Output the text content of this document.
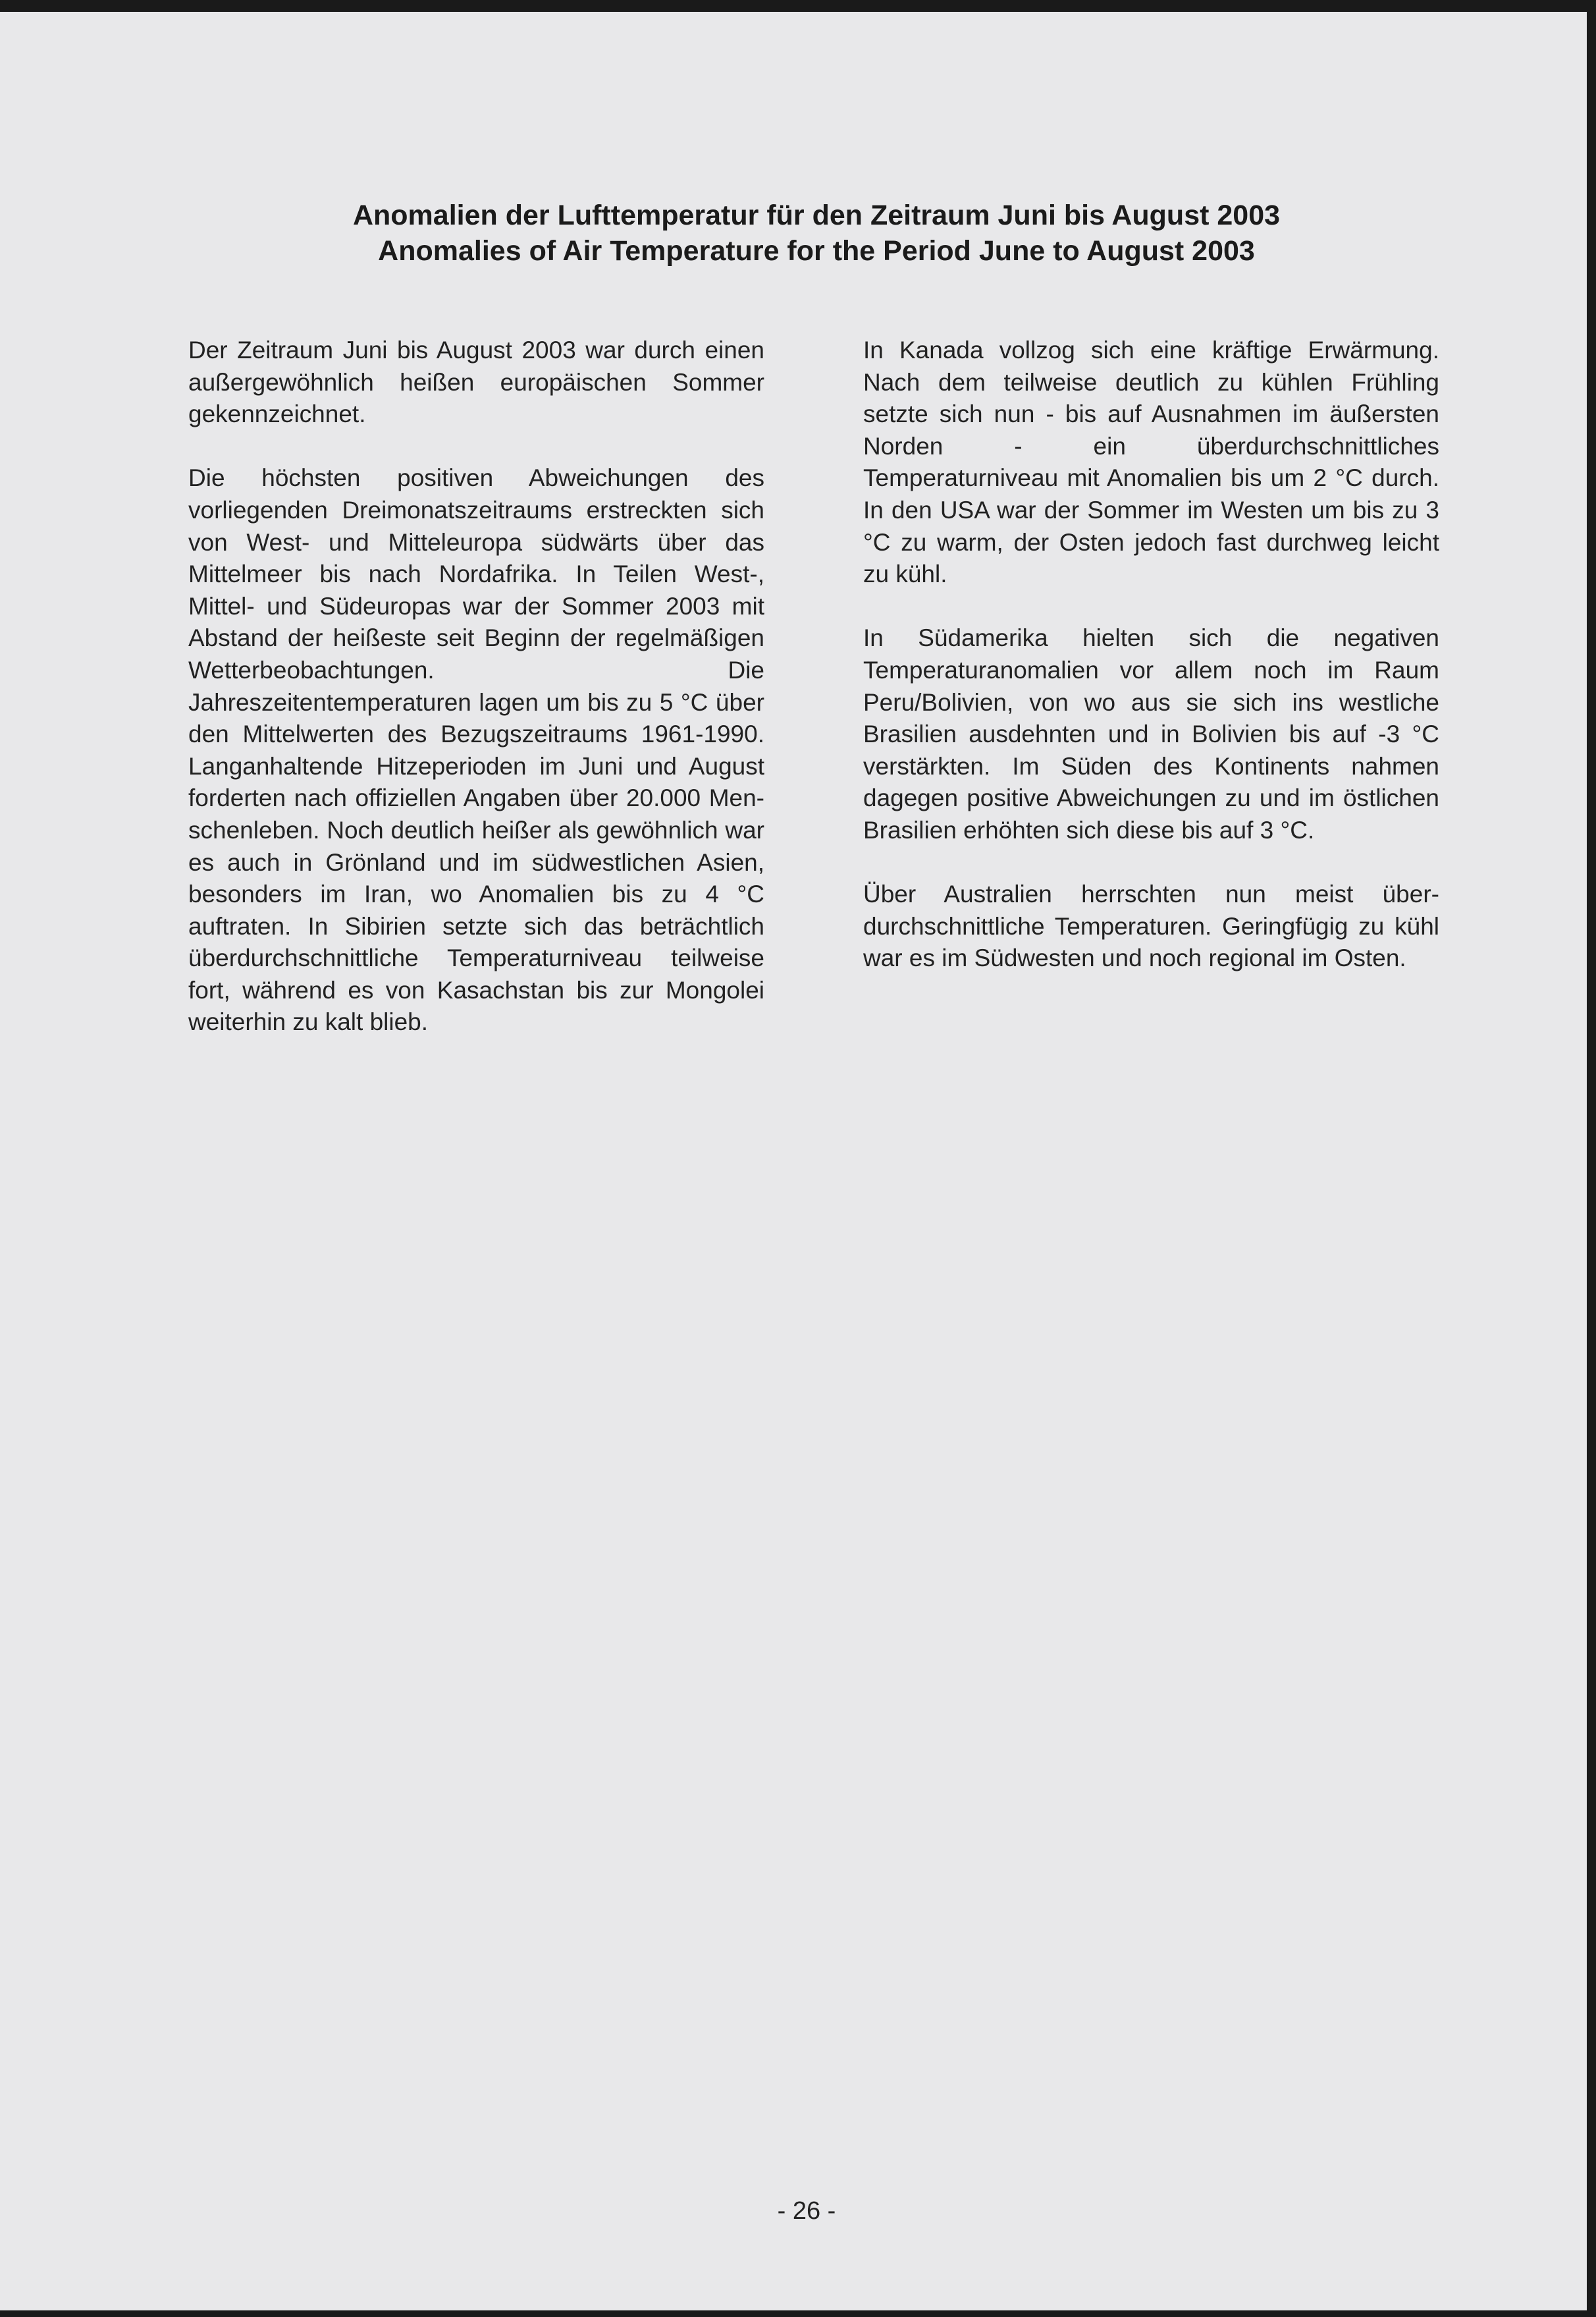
Anomalien der Lufttemperatur für den Zeitraum Juni bis August 2003
Anomalies of Air Temperature for the Period June to August 2003

Der Zeitraum Juni bis August 2003 war durch einen außergewöhnlich heißen europäischen Sommer gekennzeichnet.

Die höchsten positiven Abweichungen des vorliegenden Dreimonatszeitraums erstreckten sich von West- und Mitteleuropa südwärts über das Mittelmeer bis nach Nordafrika. In Teilen West-, Mittel- und Südeuropas war der Sommer 2003 mit Abstand der heißeste seit Beginn der regelmäßigen Wetterbeobachtungen. Die Jahreszeitentemperaturen lagen um bis zu 5 °C über den Mittelwerten des Bezugszeitraums 1961-1990. Langanhaltende Hitzeperioden im Juni und August forderten nach offiziellen Angaben über 20.000 Menschenleben. Noch deutlich heißer als gewöhnlich war es auch in Grönland und im südwestlichen Asien, besonders im Iran, wo Anomalien bis zu 4 °C auftraten. In Sibirien setzte sich das beträchtlich überdurchschnittliche Temperaturniveau teilweise fort, während es von Kasachstan bis zur Mongolei weiterhin zu kalt blieb.

In Kanada vollzog sich eine kräftige Erwärmung. Nach dem teilweise deutlich zu kühlen Frühling setzte sich nun - bis auf Ausnahmen im äußersten Norden - ein überdurchschnittliches Temperaturniveau mit Anomalien bis um 2 °C durch. In den USA war der Sommer im Westen um bis zu 3 °C zu warm, der Osten jedoch fast durchweg leicht zu kühl.

In Südamerika hielten sich die negativen Temperaturanomalien vor allem noch im Raum Peru/Bolivien, von wo aus sie sich ins westliche Brasilien ausdehnten und in Bolivien bis auf -3 °C verstärkten. Im Süden des Kontinents nahmen dagegen positive Abweichungen zu und im östlichen Brasilien erhöhten sich diese bis auf 3 °C.

Über Australien herrschten nun meist überdurchschnittliche Temperaturen. Geringfügig zu kühl war es im Südwesten und noch regional im Osten.

- 26 -
